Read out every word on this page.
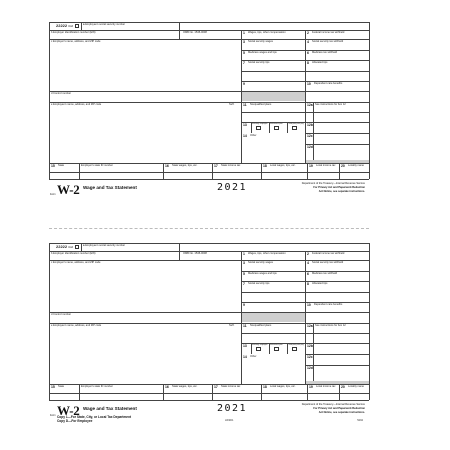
22222 Void
a Employee's social security number
OMB No. 1545-0008
b Employer identification number (EIN)
c Employer's name, address, and ZIP code
d Control number
e Employee's name, address, and ZIP code	Suff.
1 Wages, tips, other compensation	2 Federal income tax withheld
3 Social security wages	4 Social security tax withheld
5 Medicare wages and tips	6 Medicare tax withheld
7 Social security tips	8 Allocated tips
9	10 Dependent care benefits
11 Nonqualified plans	12a See instructions for box 12
13	Statutory employee Retirement plan	Third-party sick pay 12b
14 Other	12c
12d
15 State	Employer's state ID number	16 State wages, tips, etc.	17 State income tax	18 Local wages, tips, etc.	19 Local income tax 20 Locality name
Form W-2 Wage and Tax Statement	2021	Department of the Treasury—Internal Revenue Service
For Privacy Act and Paperwork Reduction
Act Notice, see separate instructions.
22222 Void
a Employee's social security number
OMB No. 1545-0008
b Employer identification number (EIN)
c Employer's name, address, and ZIP code
d Control number
e Employee's name, address, and ZIP code	Suff.
1 Wages, tips, other compensation	2 Federal income tax withheld
3 Social security wages	4 Social security tax withheld
5 Medicare wages and tips	6 Medicare tax withheld
7 Social security tips	8 Allocated tips
9	10 Dependent care benefits
11 Nonqualified plans	12a See instructions for box 12
13	Statutory employee Retirement plan	Third-party sick pay 12b
14 Other	12c
12d
15 State	Employer's state ID number	16 State wages, tips, etc.	17 State income tax	18 Local wages, tips, etc.	19 Local income tax 20 Locality name
Form W-2 Wage and Tax Statement
Copy 1—For State, City, or Local Tax Department
Copy D—For Employee
2021	Department of the Treasury—Internal Revenue Service
For Privacy Act and Paperwork Reduction
Act Notice, see separate instructions.
LW2D1	5294
